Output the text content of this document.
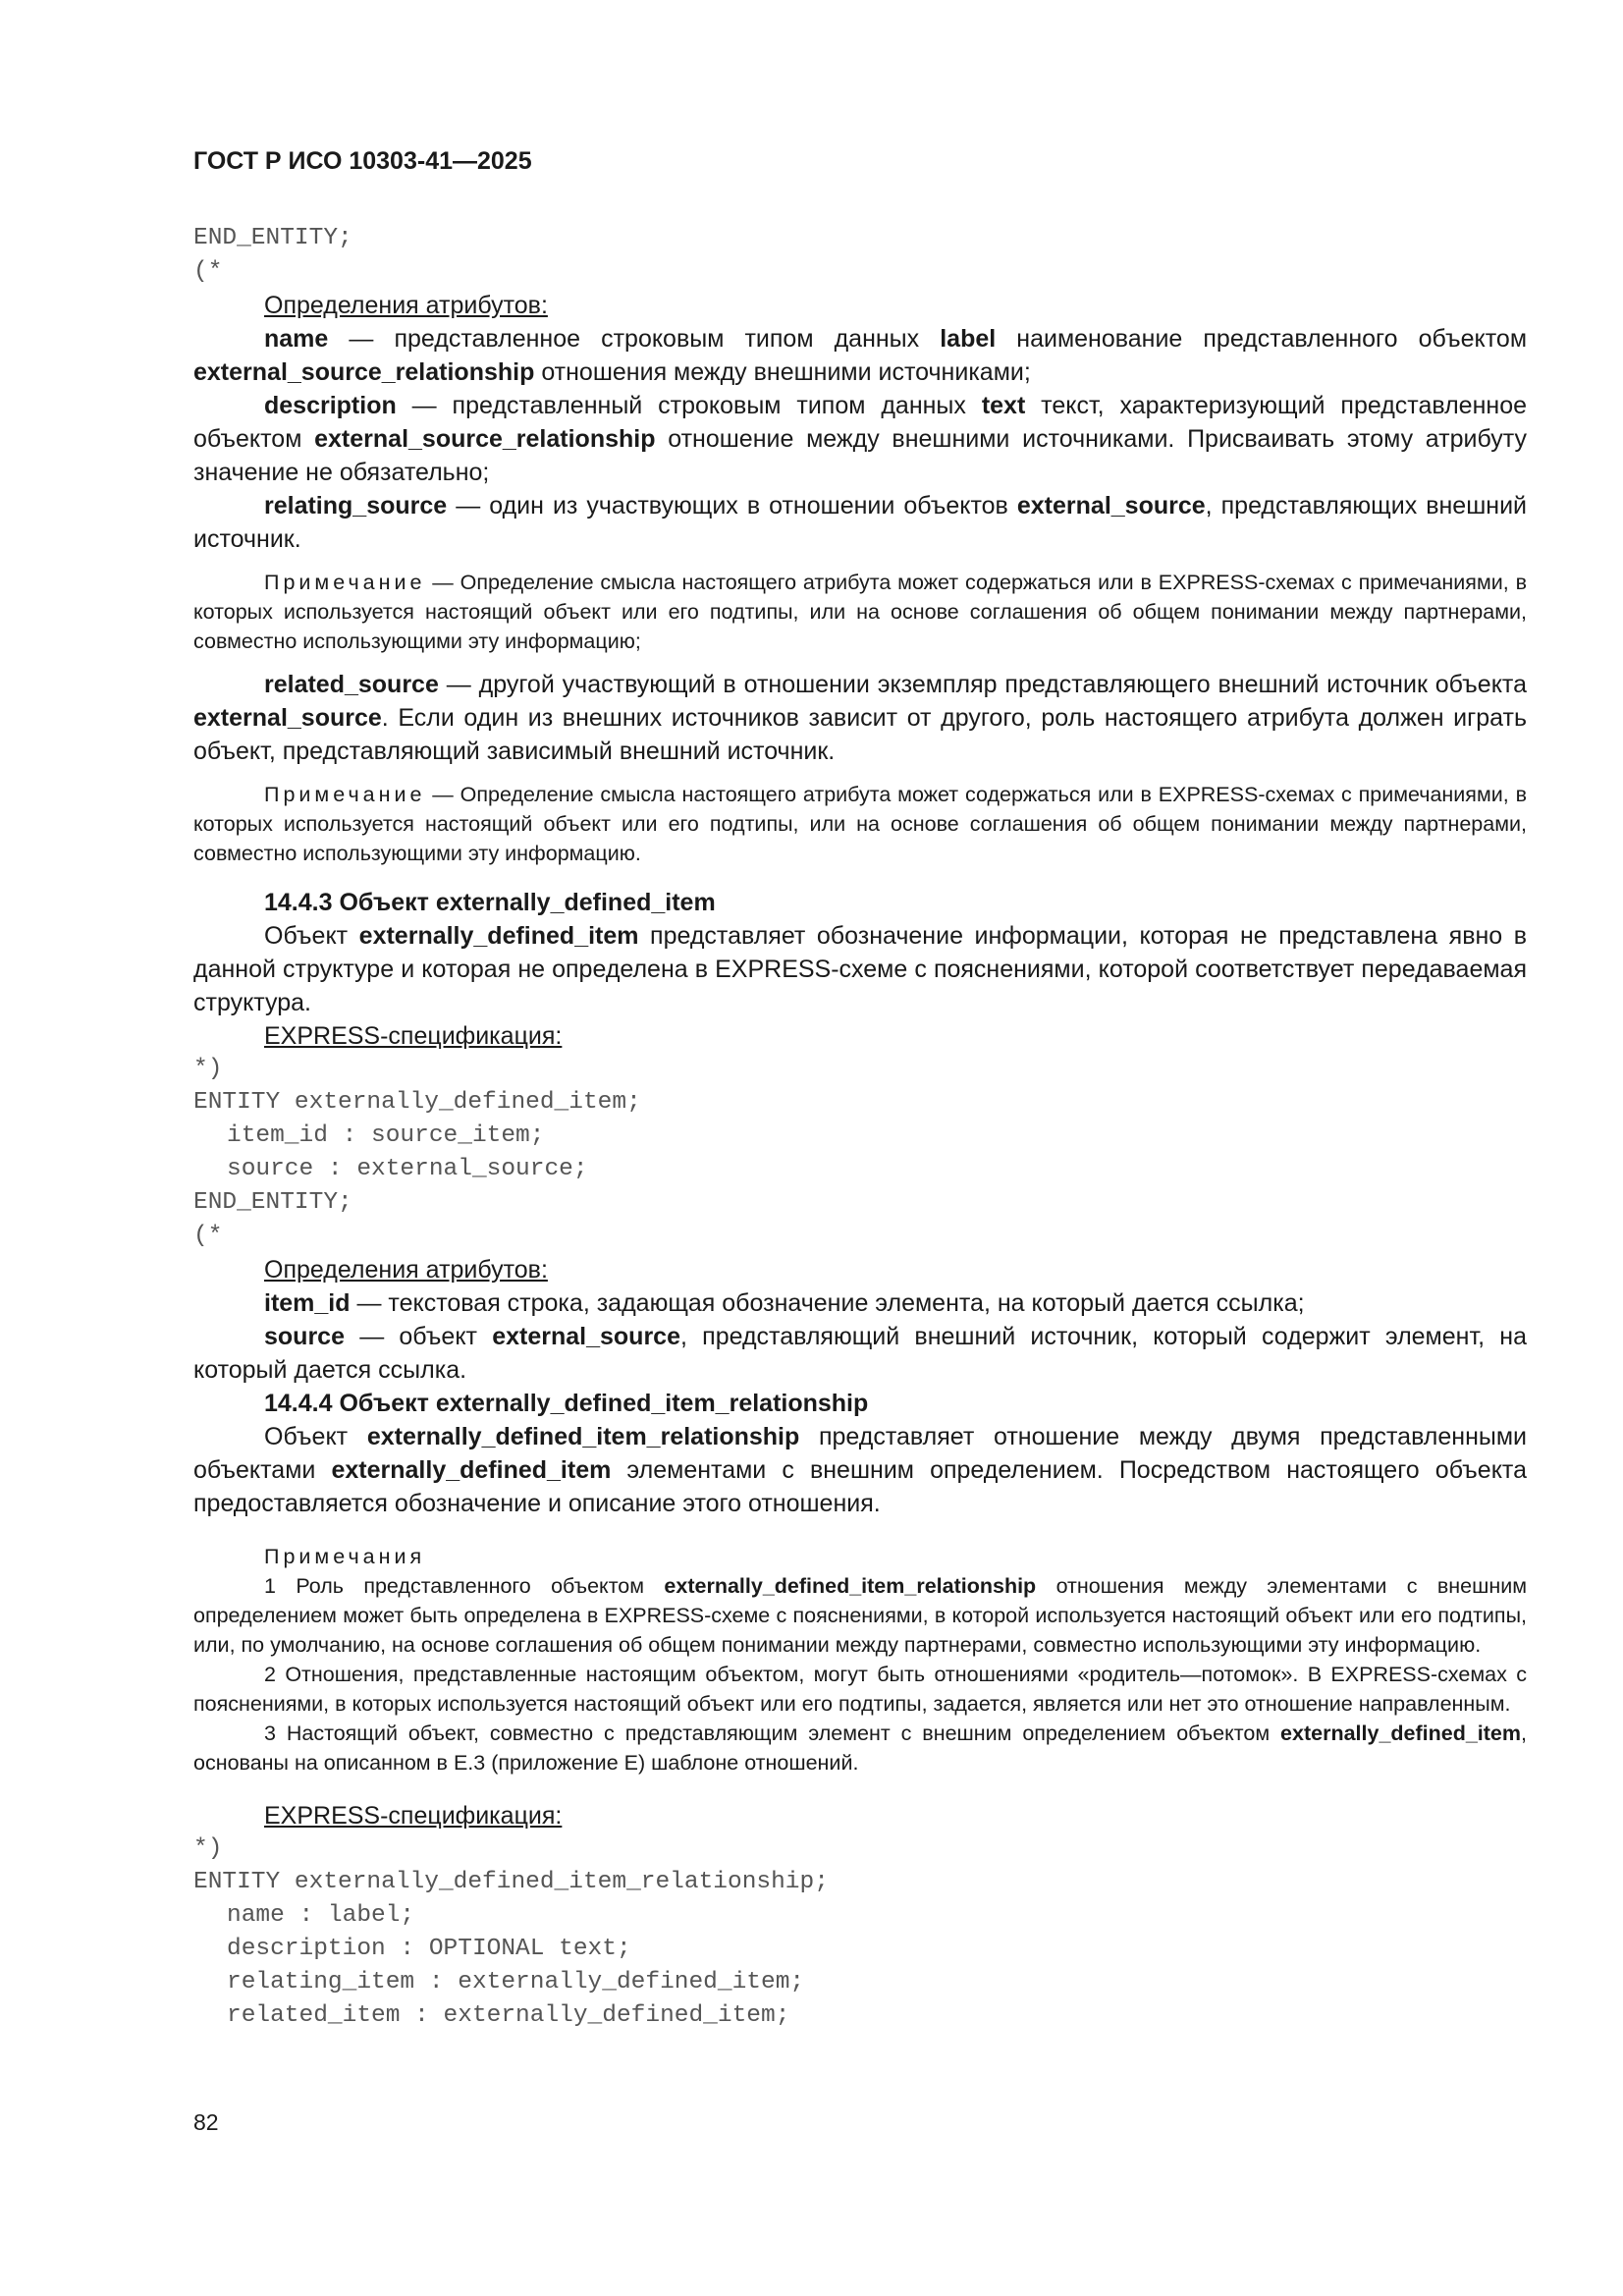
ГОСТ Р ИСО 10303-41—2025
END_ENTITY;
(*

Определения атрибутов:

name — представленное строковым типом данных label наименование представленного объектом external_source_relationship отношения между внешними источниками;

description — представленный строковым типом данных text текст, характеризующий представленное объектом external_source_relationship отношение между внешними источниками. Присваивать этому атрибуту значение не обязательно;

relating_source — один из участвующих в отношении объектов external_source, представляющих внешний источник.

Примечание — Определение смысла настоящего атрибута может содержаться или в EXPRESS-схемах с примечаниями, в которых используется настоящий объект или его подтипы, или на основе соглашения об общем понимании между партнерами, совместно использующими эту информацию;

related_source — другой участвующий в отношении экземпляр представляющего внешний источник объекта external_source. Если один из внешних источников зависит от другого, роль настоящего атрибута должен играть объект, представляющий зависимый внешний источник.

Примечание — Определение смысла настоящего атрибута может содержаться или в EXPRESS-схемах с примечаниями, в которых используется настоящий объект или его подтипы, или на основе соглашения об общем понимании между партнерами, совместно использующими эту информацию.

14.4.3 Объект externally_defined_item

Объект externally_defined_item представляет обозначение информации, которая не представлена явно в данной структуре и которая не определена в EXPRESS-схеме с пояснениями, которой соответствует передаваемая структура.

EXPRESS-спецификация:

*)
ENTITY externally_defined_item;
item_id : source_item;
source : external_source;
END_ENTITY;
(*

Определения атрибутов:

item_id — текстовая строка, задающая обозначение элемента, на который дается ссылка;

source — объект external_source, представляющий внешний источник, который содержит элемент, на который дается ссылка.

14.4.4 Объект externally_defined_item_relationship

Объект externally_defined_item_relationship представляет отношение между двумя представленными объектами externally_defined_item элементами с внешним определением. Посредством настоящего объекта предоставляется обозначение и описание этого отношения.

Примечания

1 Роль представленного объектом externally_defined_item_relationship отношения между элементами с внешним определением может быть определена в EXPRESS-схеме с пояснениями, в которой используется настоящий объект или его подтипы, или, по умолчанию, на основе соглашения об общем понимании между партнерами, совместно использующими эту информацию.

2 Отношения, представленные настоящим объектом, могут быть отношениями «родитель—потомок». В EXPRESS-схемах с пояснениями, в которых используется настоящий объект или его подтипы, задается, является или нет это отношение направленным.

3 Настоящий объект, совместно с представляющим элемент с внешним определением объектом externally_defined_item, основаны на описанном в Е.3 (приложение Е) шаблоне отношений.

EXPRESS-спецификация:

*)
ENTITY externally_defined_item_relationship;
name : label;
description : OPTIONAL text;
relating_item : externally_defined_item;
related_item : externally_defined_item;
82
